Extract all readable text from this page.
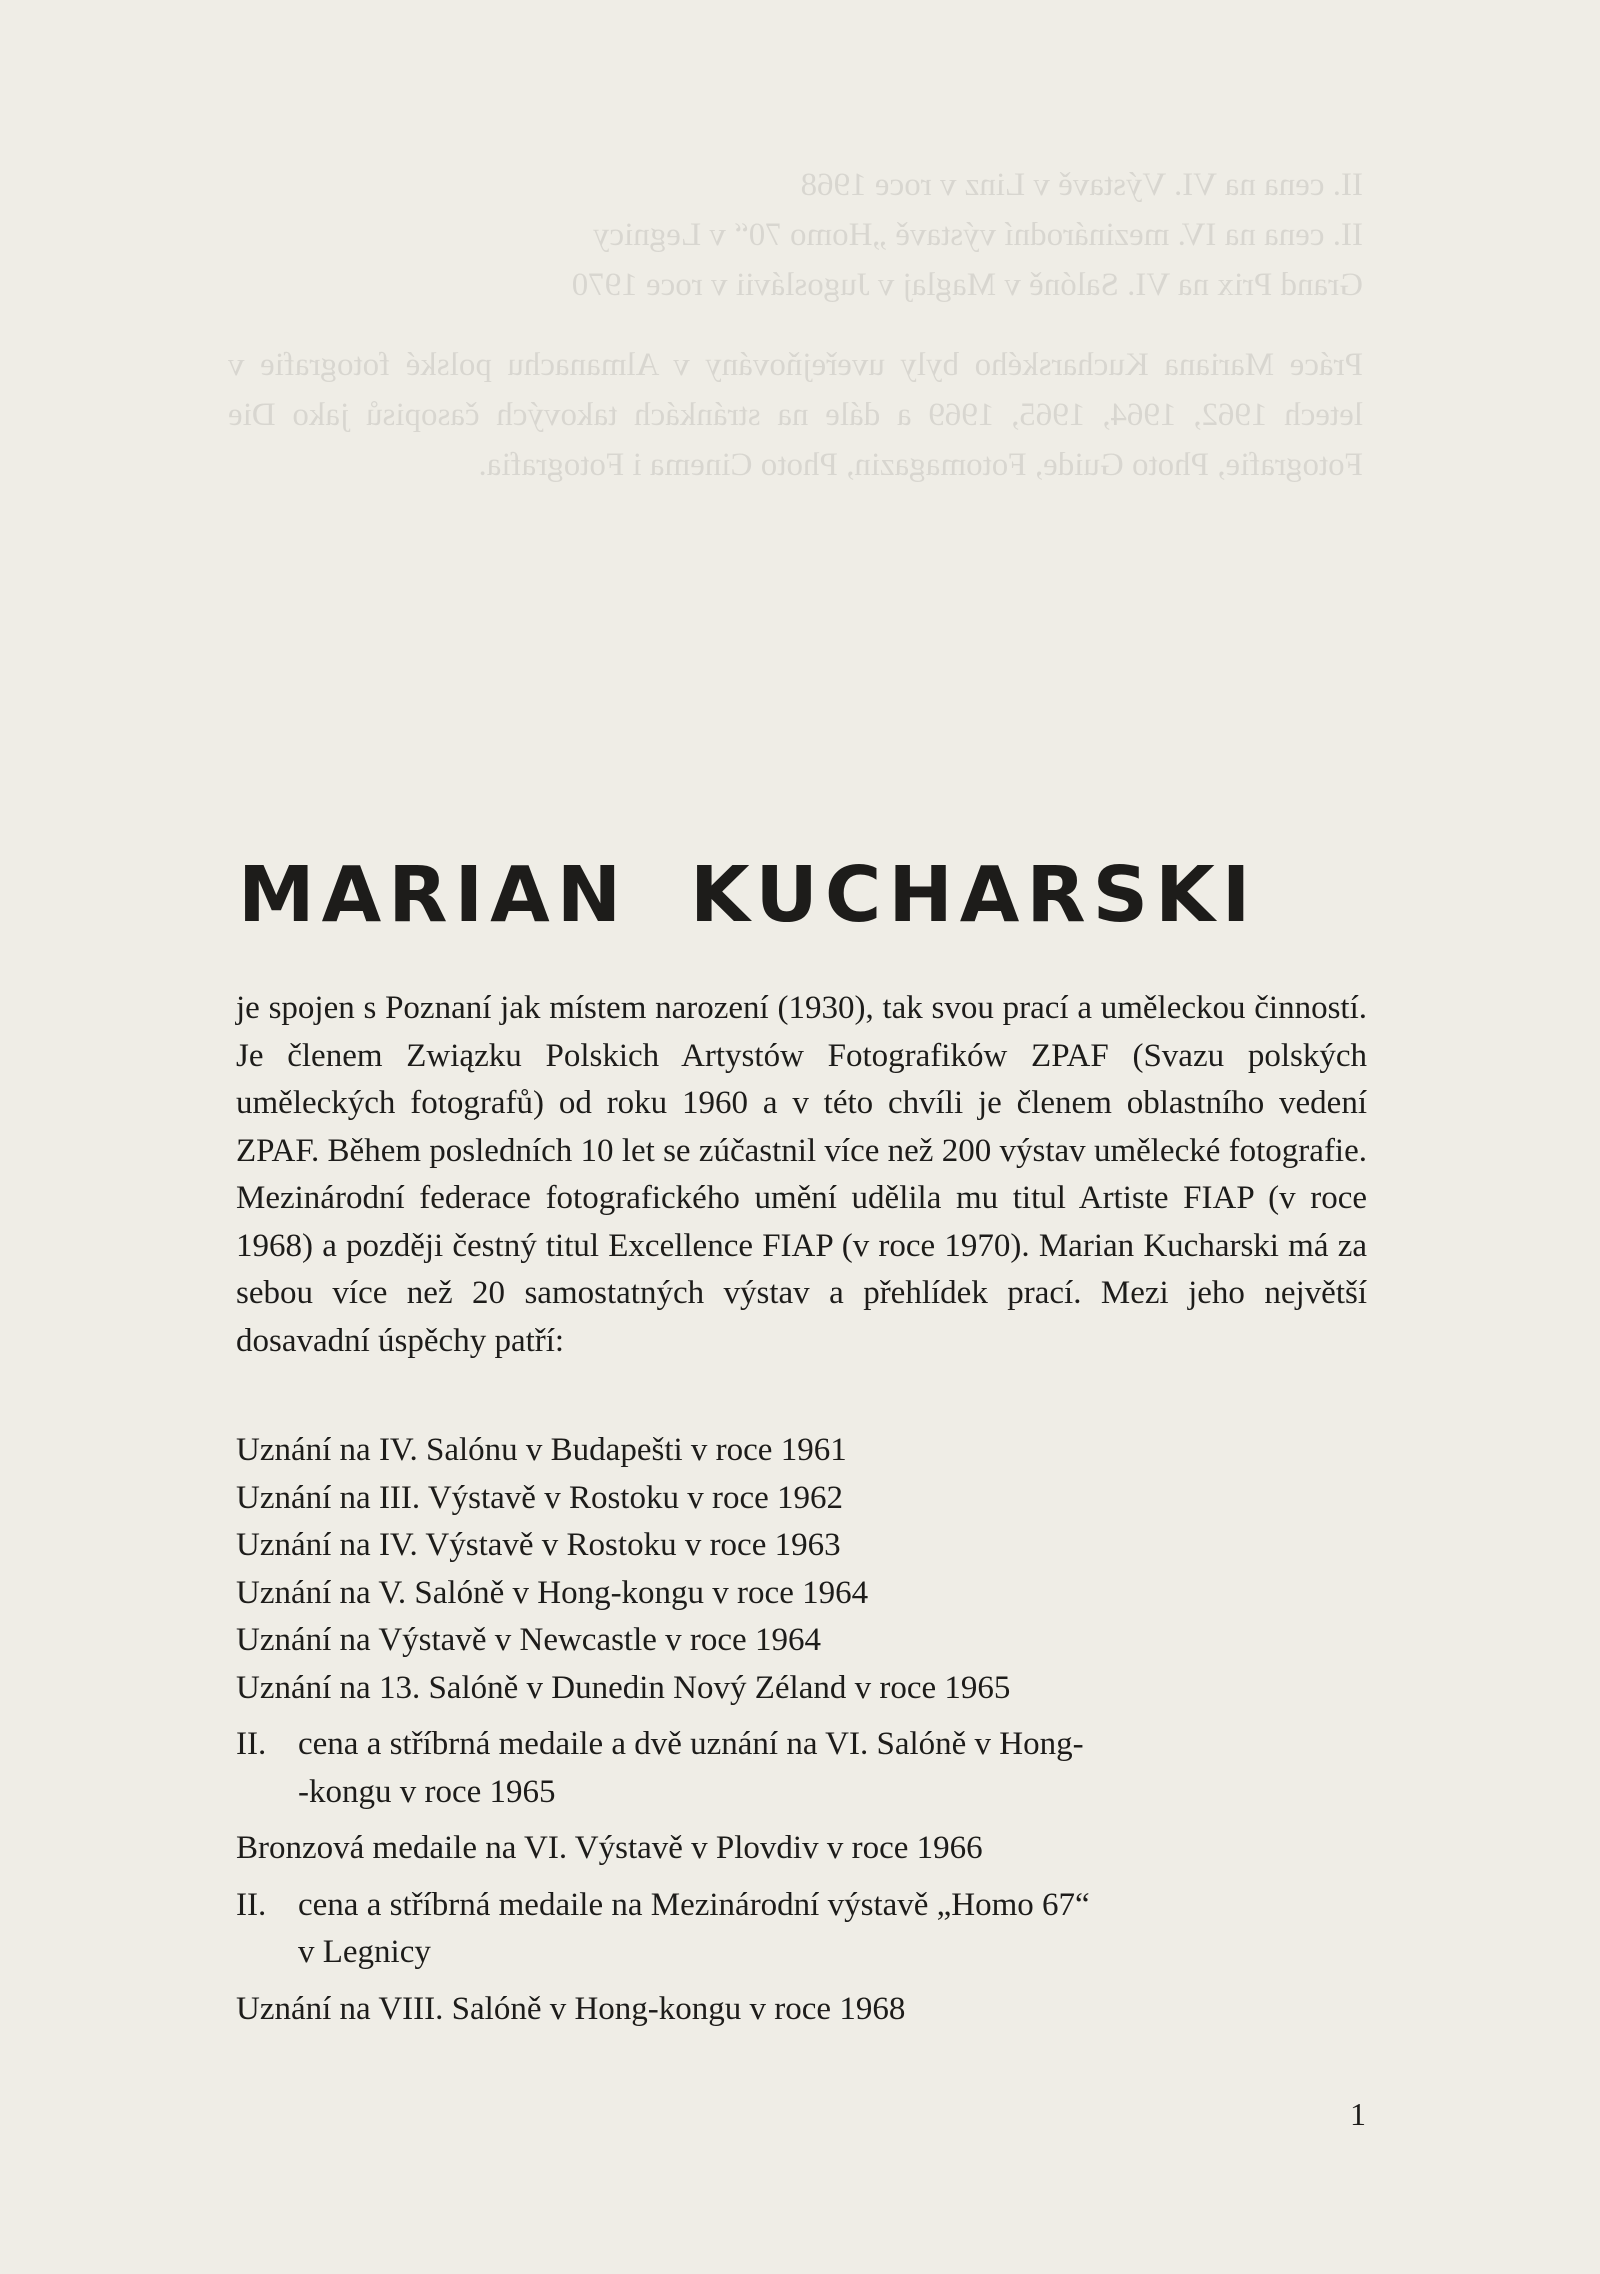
II. cena na VI. Výstavě v Linz v roce 1968

II. cena na IV. mezinárodní výstavě „Homo 70“ v Legnicy

Grand Prix na VI. Salóně v Maglaj v Jugoslávii v roce 1970

Práce Mariana Kucharského byly uveřejňovány v Almanachu polské fotografie v letech 1962, 1964, 1965, 1969 a dále na stránkách takových časopisů jako Die Fotografie, Photo Guide, Fotomagazin, Photo Cinema i Fotografia.

MARIAN KUCHARSKI

je spojen s Poznaní jak místem narození (1930), tak svou prací a uměleckou činností. Je členem Związku Polskich Artystów Fotografików ZPAF (Svazu polských uměleckých fotografů) od roku 1960 a v této chvíli je členem oblastního vedení ZPAF. Během posledních 10 let se zúčastnil více než 200 výstav umělecké fotografie. Mezinárodní federace fotografického umění udělila mu titul Artiste FIAP (v roce 1968) a později čestný titul Excellence FIAP (v roce 1970). Marian Kucharski má za sebou více než 20 samostatných výstav a přehlídek prací. Mezi jeho největší dosavadní úspěchy patří:

Uznání na IV. Salónu v Budapešti v roce 1961

Uznání na III. Výstavě v Rostoku v roce 1962

Uznání na IV. Výstavě v Rostoku v roce 1963

Uznání na V. Salóně v Hong-kongu v roce 1964

Uznání na Výstavě v Newcastle v roce 1964

Uznání na 13. Salóně v Dunedin Nový Zéland v roce 1965

II. cena a stříbrná medaile a dvě uznání na VI. Salóně v Hong-
-kongu v roce 1965

Bronzová medaile na VI. Výstavě v Plovdiv v roce 1966

II. cena a stříbrná medaile na Mezinárodní výstavě „Homo 67“
v Legnicy

Uznání na VIII. Salóně v Hong-kongu v roce 1968

1
